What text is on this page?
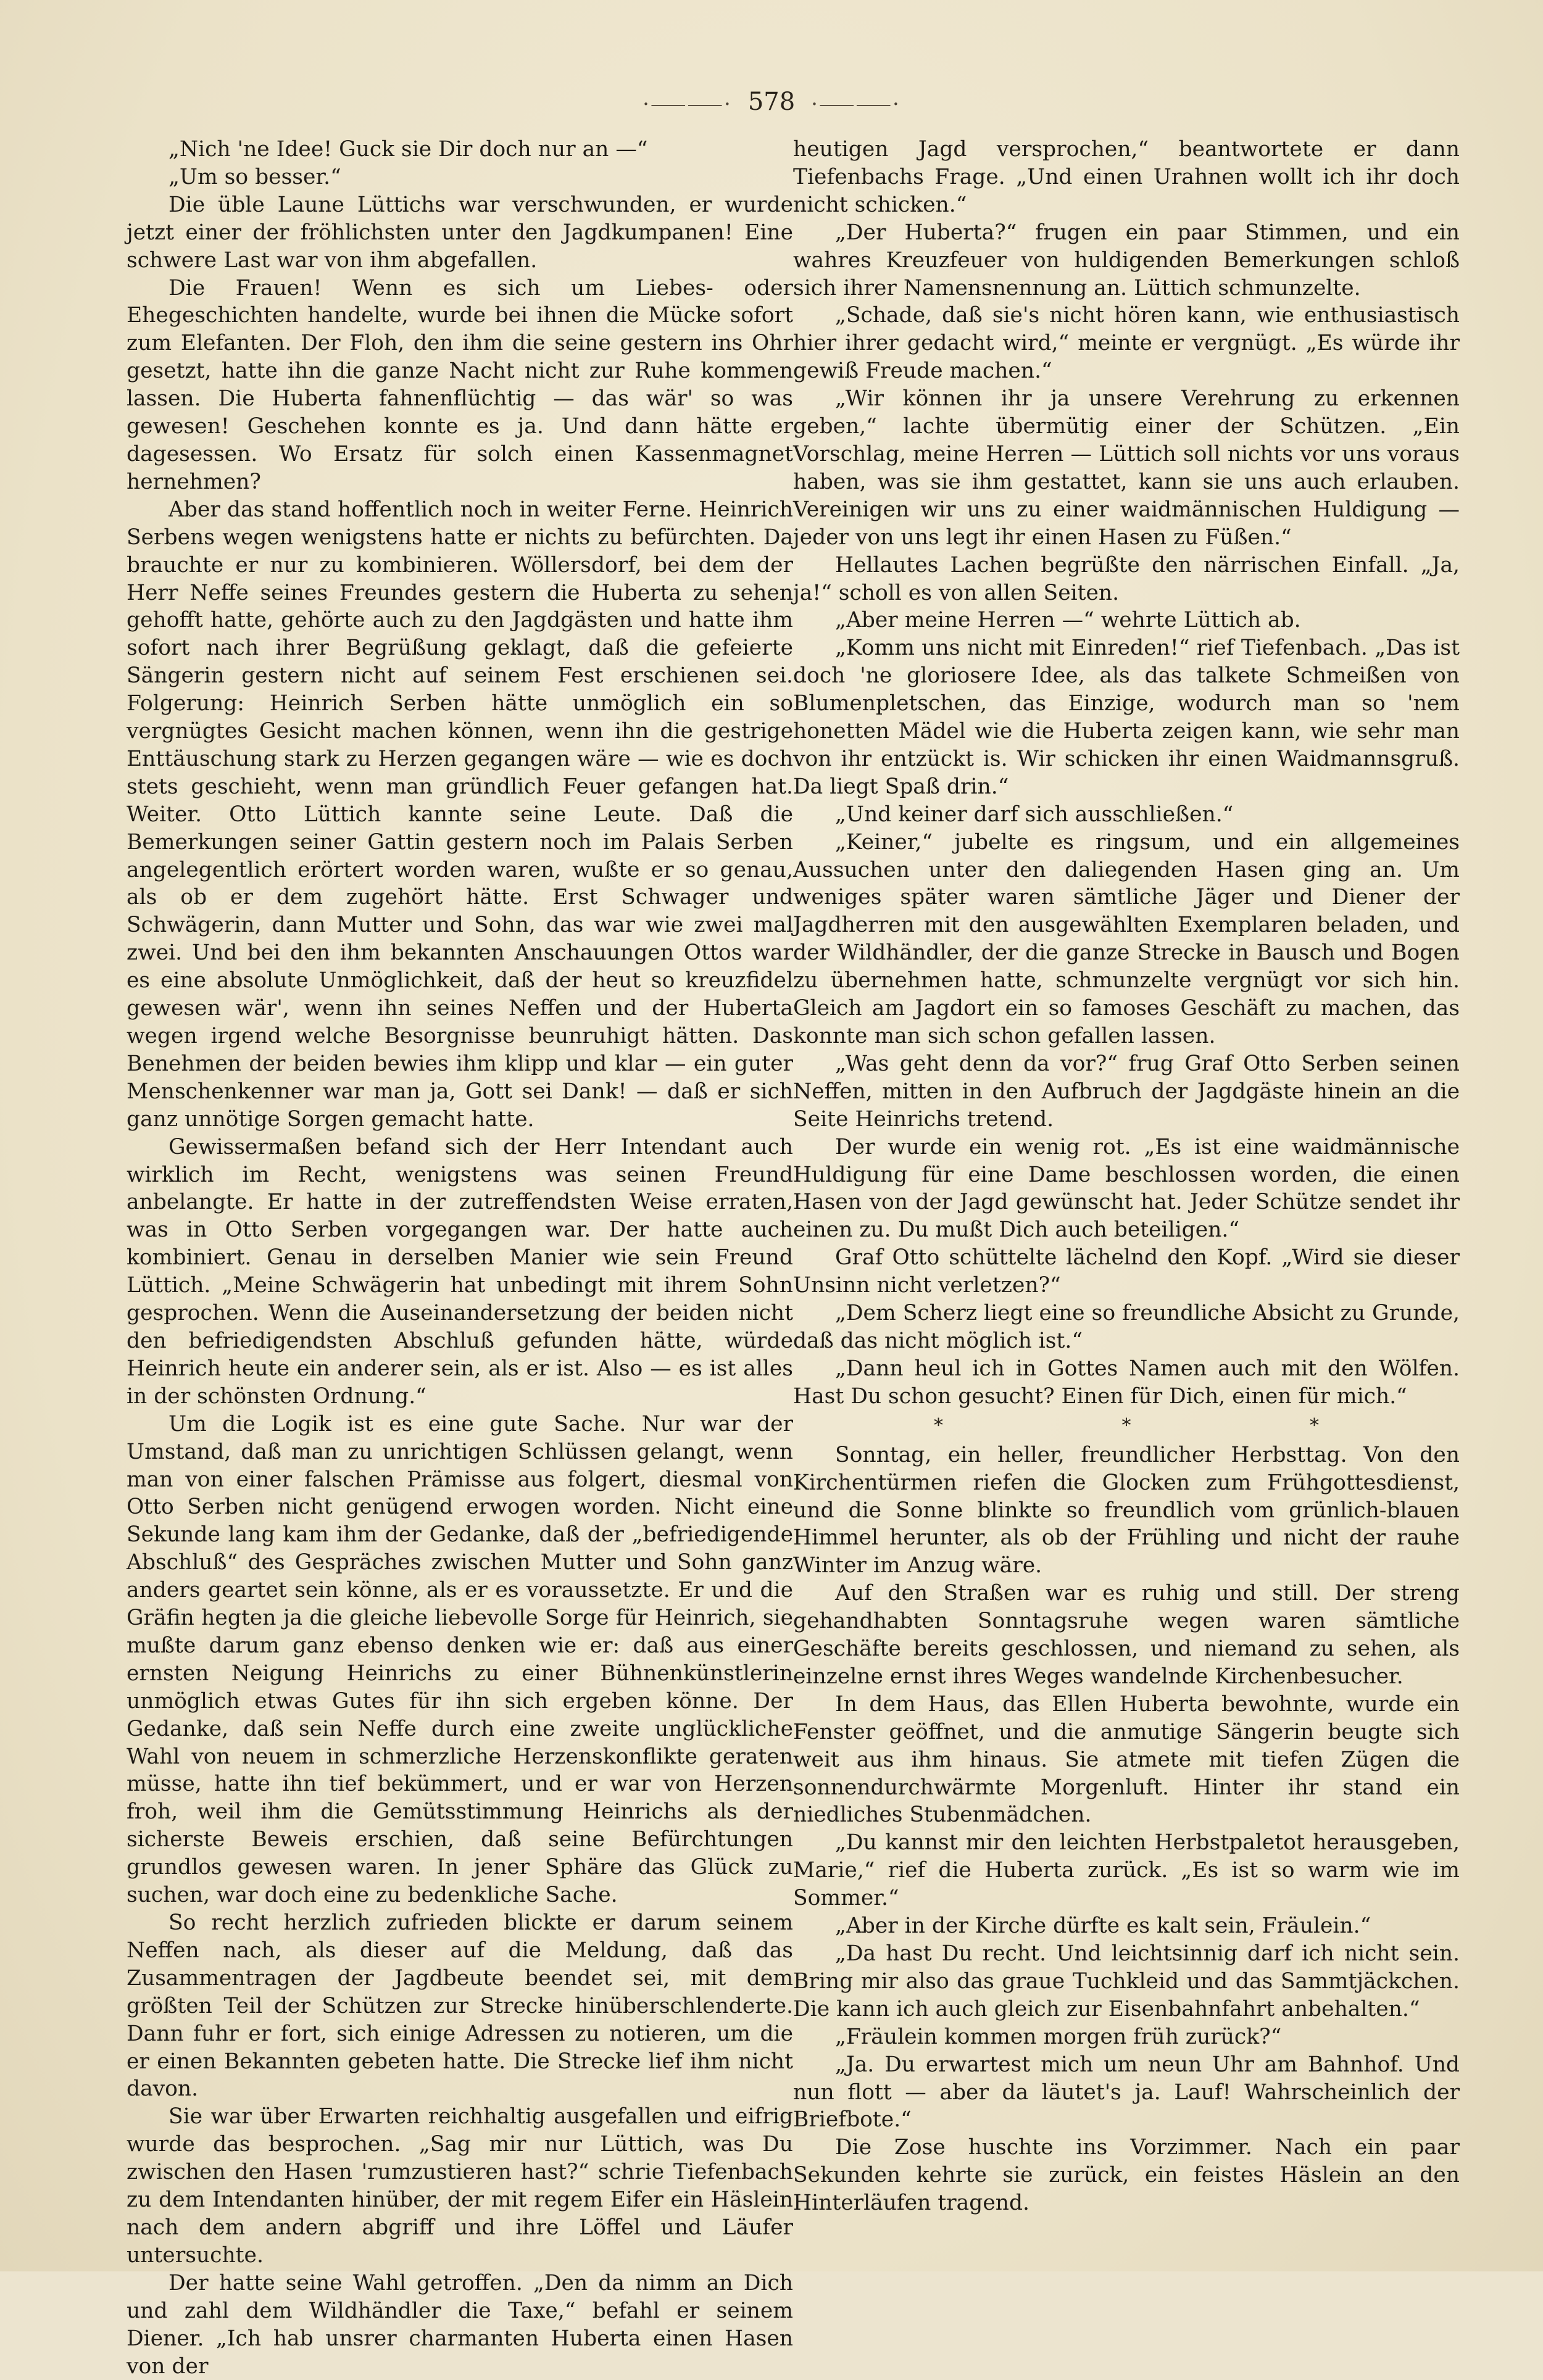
·⸺⸺· 578 ·⸺⸺·

„Nich 'ne Idee! Guck sie Dir doch nur an —“

„Um so besser.“

Die üble Laune Lüttichs war verschwunden, er wurde jetzt einer der fröhlichsten unter den Jagdkumpanen! Eine schwere Last war von ihm abgefallen.

Die Frauen! Wenn es sich um Liebes- oder Ehegeschichten handelte, wurde bei ihnen die Mücke sofort zum Elefanten. Der Floh, den ihm die seine gestern ins Ohr gesetzt, hatte ihn die ganze Nacht nicht zur Ruhe kommen lassen. Die Huberta fahnenflüchtig — das wär' so was gewesen! Geschehen konnte es ja. Und dann hätte er dagesessen. Wo Ersatz für solch einen Kassenmagnet hernehmen?

Aber das stand hoffentlich noch in weiter Ferne. Heinrich Serbens wegen wenigstens hatte er nichts zu befürchten. Da brauchte er nur zu kombinieren. Wöllersdorf, bei dem der Herr Neffe seines Freundes gestern die Huberta zu sehen gehofft hatte, gehörte auch zu den Jagdgästen und hatte ihm sofort nach ihrer Begrüßung geklagt, daß die gefeierte Sängerin gestern nicht auf seinem Fest erschienen sei. Folgerung: Heinrich Serben hätte unmöglich ein so vergnügtes Gesicht machen können, wenn ihn die gestrige Enttäuschung stark zu Herzen gegangen wäre — wie es doch stets geschieht, wenn man gründlich Feuer gefangen hat. Weiter. Otto Lüttich kannte seine Leute. Daß die Bemerkungen seiner Gattin gestern noch im Palais Serben angelegentlich erörtert worden waren, wußte er so genau, als ob er dem zugehört hätte. Erst Schwager und Schwägerin, dann Mutter und Sohn, das war wie zwei mal zwei. Und bei den ihm bekannten Anschauungen Ottos war es eine absolute Unmöglichkeit, daß der heut so kreuzfidel gewesen wär', wenn ihn seines Neffen und der Huberta wegen irgend welche Besorgnisse beunruhigt hätten. Das Benehmen der beiden bewies ihm klipp und klar — ein guter Menschenkenner war man ja, Gott sei Dank! — daß er sich ganz unnötige Sorgen gemacht hatte.

Gewissermaßen befand sich der Herr Intendant auch wirklich im Recht, wenigstens was seinen Freund anbelangte. Er hatte in der zutreffendsten Weise erraten, was in Otto Serben vorgegangen war. Der hatte auch kombiniert. Genau in derselben Manier wie sein Freund Lüttich. „Meine Schwägerin hat unbedingt mit ihrem Sohn gesprochen. Wenn die Auseinandersetzung der beiden nicht den befriedigendsten Abschluß gefunden hätte, würde Heinrich heute ein anderer sein, als er ist. Also — es ist alles in der schönsten Ordnung.“

Um die Logik ist es eine gute Sache. Nur war der Umstand, daß man zu unrichtigen Schlüssen gelangt, wenn man von einer falschen Prämisse aus folgert, diesmal von Otto Serben nicht genügend erwogen worden. Nicht eine Sekunde lang kam ihm der Gedanke, daß der „befriedigende Abschluß“ des Gespräches zwischen Mutter und Sohn ganz anders geartet sein könne, als er es voraussetzte. Er und die Gräfin hegten ja die gleiche liebevolle Sorge für Heinrich, sie mußte darum ganz ebenso denken wie er: daß aus einer ernsten Neigung Heinrichs zu einer Bühnenkünstlerin unmöglich etwas Gutes für ihn sich ergeben könne. Der Gedanke, daß sein Neffe durch eine zweite unglückliche Wahl von neuem in schmerzliche Herzenskonflikte geraten müsse, hatte ihn tief bekümmert, und er war von Herzen froh, weil ihm die Gemütsstimmung Heinrichs als der sicherste Beweis erschien, daß seine Befürchtungen grundlos gewesen waren. In jener Sphäre das Glück zu suchen, war doch eine zu bedenkliche Sache.

So recht herzlich zufrieden blickte er darum seinem Neffen nach, als dieser auf die Meldung, daß das Zusammentragen der Jagdbeute beendet sei, mit dem größten Teil der Schützen zur Strecke hinüberschlenderte. Dann fuhr er fort, sich einige Adressen zu notieren, um die er einen Bekannten gebeten hatte. Die Strecke lief ihm nicht davon.

Sie war über Erwarten reichhaltig ausgefallen und eifrig wurde das besprochen. „Sag mir nur Lüttich, was Du zwischen den Hasen 'rumzustieren hast?“ schrie Tiefenbach zu dem Intendanten hinüber, der mit regem Eifer ein Häslein nach dem andern abgriff und ihre Löffel und Läufer untersuchte.

Der hatte seine Wahl getroffen. „Den da nimm an Dich und zahl dem Wildhändler die Taxe,“ befahl er seinem Diener. „Ich hab unsrer charmanten Huberta einen Hasen von der

heutigen Jagd versprochen,“ beantwortete er dann Tiefenbachs Frage. „Und einen Urahnen wollt ich ihr doch nicht schicken.“

„Der Huberta?“ frugen ein paar Stimmen, und ein wahres Kreuzfeuer von huldigenden Bemerkungen schloß sich ihrer Namensnennung an. Lüttich schmunzelte.

„Schade, daß sie's nicht hören kann, wie enthusiastisch hier ihrer gedacht wird,“ meinte er vergnügt. „Es würde ihr gewiß Freude machen.“

„Wir können ihr ja unsere Verehrung zu erkennen geben,“ lachte übermütig einer der Schützen. „Ein Vorschlag, meine Herren — Lüttich soll nichts vor uns voraus haben, was sie ihm gestattet, kann sie uns auch erlauben. Vereinigen wir uns zu einer waidmännischen Huldigung — jeder von uns legt ihr einen Hasen zu Füßen.“

Hellautes Lachen begrüßte den närrischen Einfall. „Ja, ja!“ scholl es von allen Seiten.

„Aber meine Herren —“ wehrte Lüttich ab.

„Komm uns nicht mit Einreden!“ rief Tiefenbach. „Das ist doch 'ne gloriosere Idee, als das talkete Schmeißen von Blumenpletschen, das Einzige, wodurch man so 'nem honetten Mädel wie die Huberta zeigen kann, wie sehr man von ihr entzückt is. Wir schicken ihr einen Waidmannsgruß. Da liegt Spaß drin.“

„Und keiner darf sich ausschließen.“

„Keiner,“ jubelte es ringsum, und ein allgemeines Aussuchen unter den daliegenden Hasen ging an. Um weniges später waren sämtliche Jäger und Diener der Jagdherren mit den ausgewählten Exemplaren beladen, und der Wildhändler, der die ganze Strecke in Bausch und Bogen zu übernehmen hatte, schmunzelte vergnügt vor sich hin. Gleich am Jagdort ein so famoses Geschäft zu machen, das konnte man sich schon gefallen lassen.

„Was geht denn da vor?“ frug Graf Otto Serben seinen Neffen, mitten in den Aufbruch der Jagdgäste hinein an die Seite Heinrichs tretend.

Der wurde ein wenig rot. „Es ist eine waidmännische Huldigung für eine Dame beschlossen worden, die einen Hasen von der Jagd gewünscht hat. Jeder Schütze sendet ihr einen zu. Du mußt Dich auch beteiligen.“

Graf Otto schüttelte lächelnd den Kopf. „Wird sie dieser Unsinn nicht verletzen?“

„Dem Scherz liegt eine so freundliche Absicht zu Grunde, daß das nicht möglich ist.“

„Dann heul ich in Gottes Namen auch mit den Wölfen. Hast Du schon gesucht? Einen für Dich, einen für mich.“

* * *

Sonntag, ein heller, freundlicher Herbsttag. Von den Kirchentürmen riefen die Glocken zum Frühgottesdienst, und die Sonne blinkte so freundlich vom grünlich-blauen Himmel herunter, als ob der Frühling und nicht der rauhe Winter im Anzug wäre.

Auf den Straßen war es ruhig und still. Der streng gehandhabten Sonntagsruhe wegen waren sämtliche Geschäfte bereits geschlossen, und niemand zu sehen, als einzelne ernst ihres Weges wandelnde Kirchenbesucher.

In dem Haus, das Ellen Huberta bewohnte, wurde ein Fenster geöffnet, und die anmutige Sängerin beugte sich weit aus ihm hinaus. Sie atmete mit tiefen Zügen die sonnendurchwärmte Morgenluft. Hinter ihr stand ein niedliches Stubenmädchen.

„Du kannst mir den leichten Herbstpaletot herausgeben, Marie,“ rief die Huberta zurück. „Es ist so warm wie im Sommer.“

„Aber in der Kirche dürfte es kalt sein, Fräulein.“

„Da hast Du recht. Und leichtsinnig darf ich nicht sein. Bring mir also das graue Tuchkleid und das Sammtjäckchen. Die kann ich auch gleich zur Eisenbahnfahrt anbehalten.“

„Fräulein kommen morgen früh zurück?“

„Ja. Du erwartest mich um neun Uhr am Bahnhof. Und nun flott — aber da läutet's ja. Lauf! Wahrscheinlich der Briefbote.“

Die Zose huschte ins Vorzimmer. Nach ein paar Sekunden kehrte sie zurück, ein feistes Häslein an den Hinterläufen tragend.
